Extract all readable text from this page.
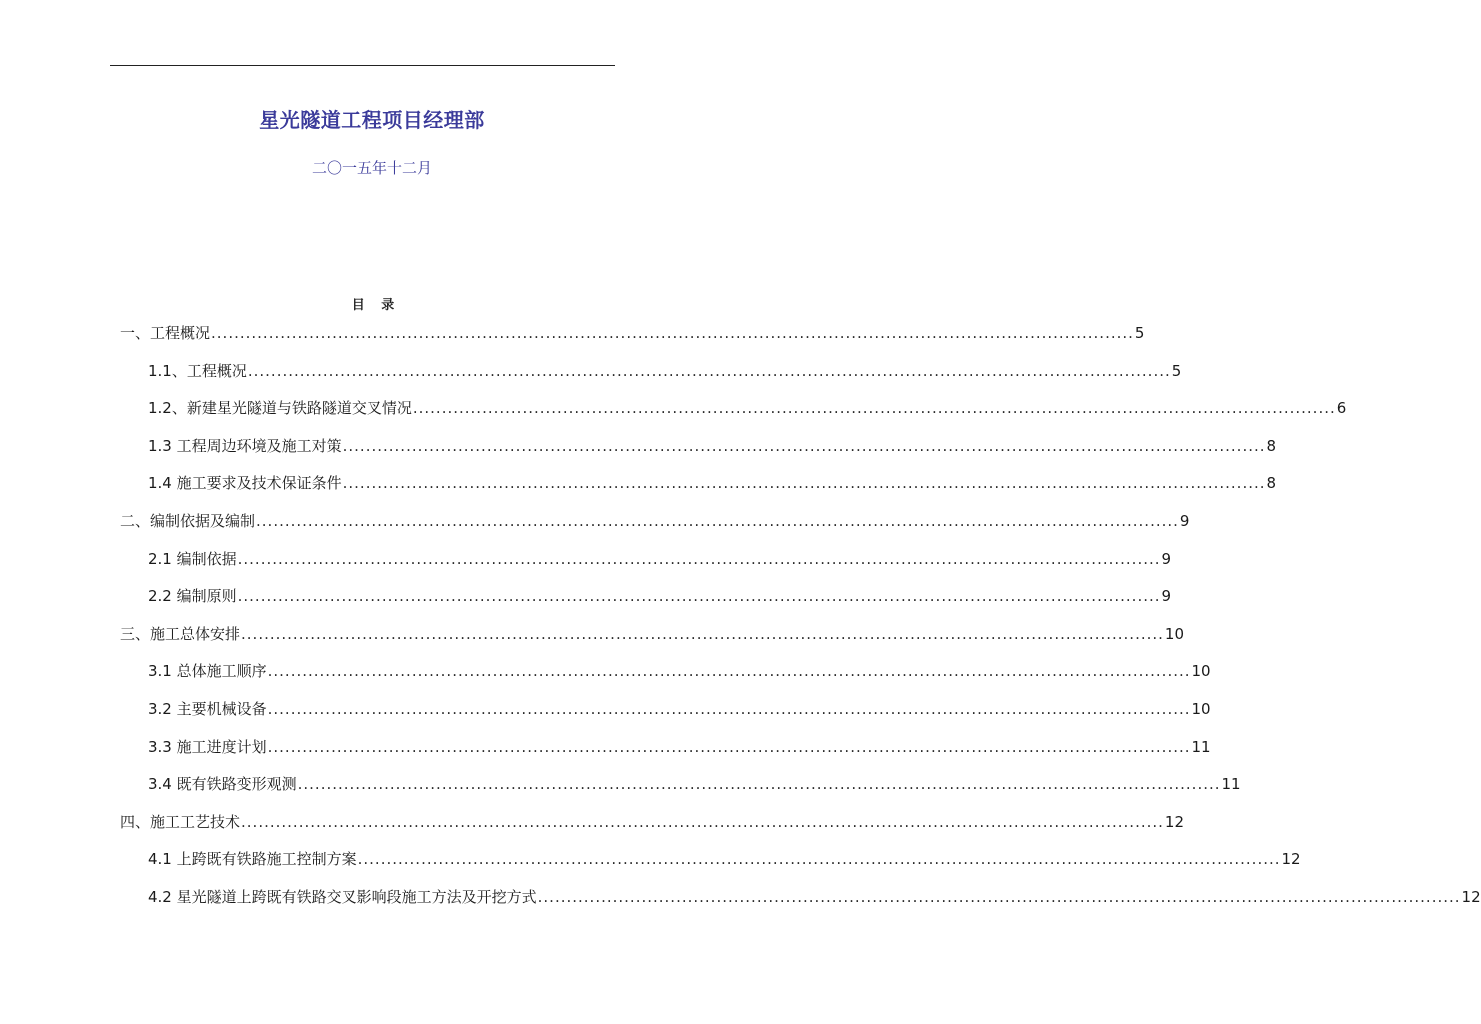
星光隧道工程项目经理部
二〇一五年十二月
目 录
一、工程概况 ................................................................................................................................................................ 5
1.1、工程概况 ................................................................................................................................................................ 5
1.2、新建星光隧道与铁路隧道交叉情况 ................................................................................................................................................................ 6
1.3 工程周边环境及施工对策 ................................................................................................................................................................ 8
1.4 施工要求及技术保证条件 ................................................................................................................................................................ 8
二、编制依据及编制 ................................................................................................................................................................ 9
2.1 编制依据 ................................................................................................................................................................ 9
2.2 编制原则 ................................................................................................................................................................ 9
三、施工总体安排 ................................................................................................................................................................ 10
3.1 总体施工顺序 ................................................................................................................................................................ 10
3.2 主要机械设备 ................................................................................................................................................................ 10
3.3 施工进度计划 ................................................................................................................................................................ 11
3.4 既有铁路变形观测 ................................................................................................................................................................ 11
四、施工工艺技术 ................................................................................................................................................................ 12
4.1 上跨既有铁路施工控制方案 ................................................................................................................................................................ 12
4.2 星光隧道上跨既有铁路交叉影响段施工方法及开挖方式 ................................................................................................................................................................ 12
